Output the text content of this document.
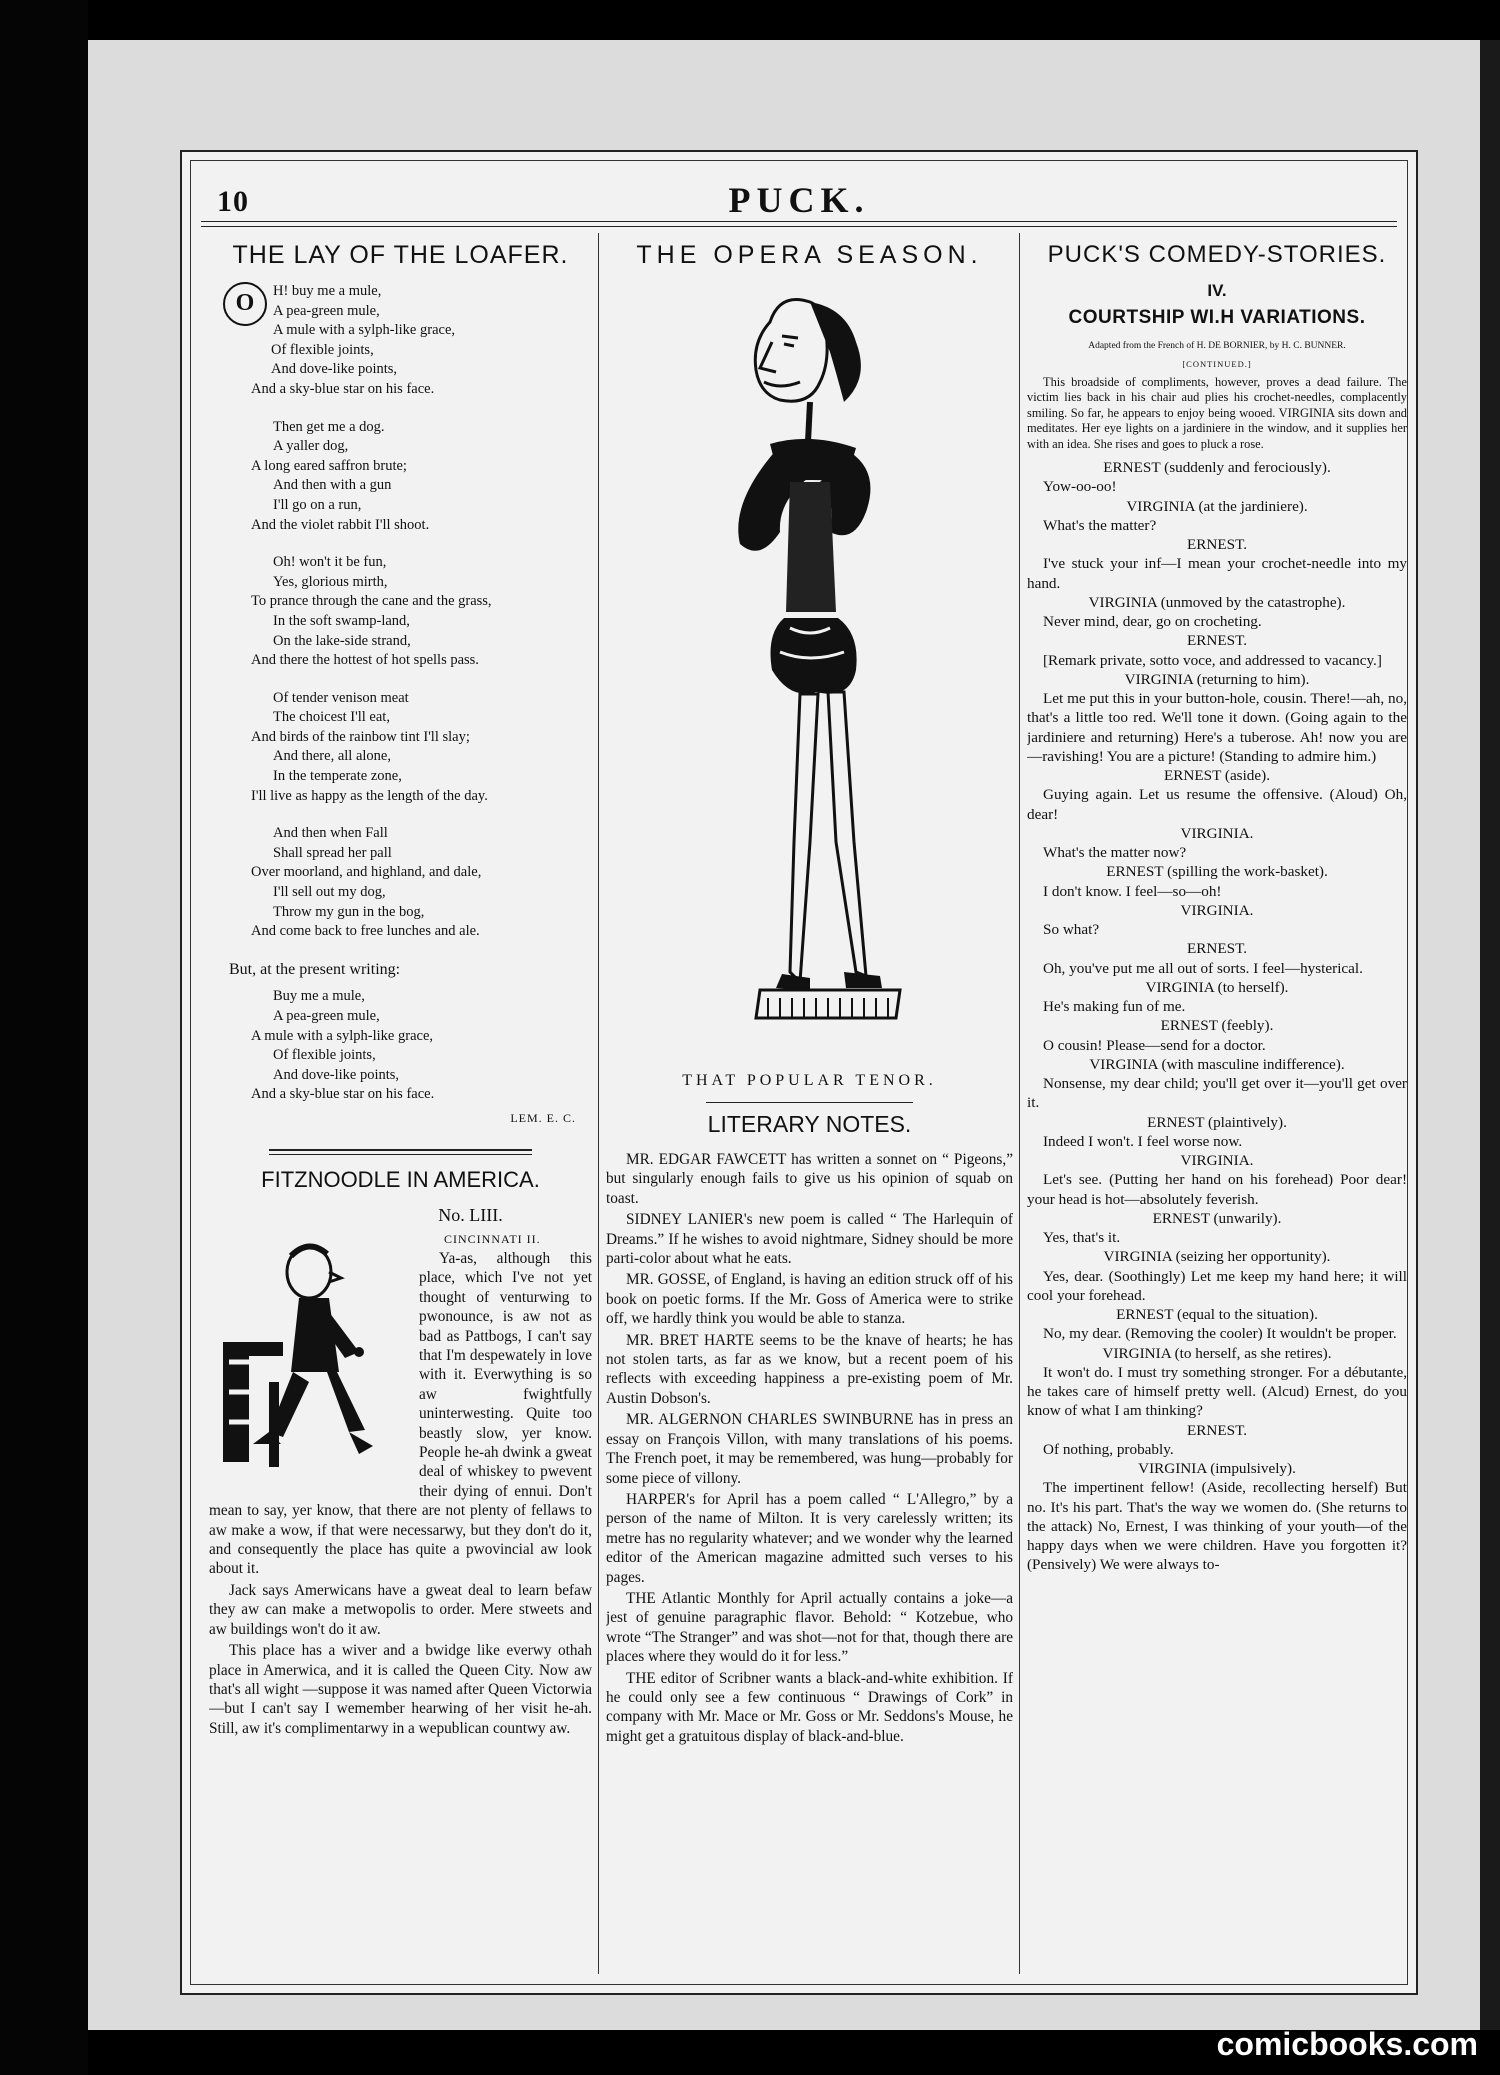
10	PUCK.
THE LAY OF THE LOAFER.
O	H! buy me a mule,
A pea-green mule,
A mule with a sylph-like grace,
Of flexible joints,
And dove-like points,
And a sky-blue star on his face.
Then get me a dog.
A yaller dog,
A long eared saffron brute;
And then with a gun
I'll go on a run,
And the violet rabbit I'll shoot.
Oh! won't it be fun,
Yes, glorious mirth,
To prance through the cane and the grass,
In the soft swamp-land,
On the lake-side strand,
And there the hottest of hot spells pass.
Of tender venison meat
The choicest I'll eat,
And birds of the rainbow tint I'll slay;
And there, all alone,
In the temperate zone,
I'll live as happy as the length of the day.
And then when Fall
Shall spread her pall
Over moorland, and highland, and dale,
I'll sell out my dog,
Throw my gun in the bog,
And come back to free lunches and ale.
But, at the present writing:
Buy me a mule,
A pea-green mule,
A mule with a sylph-like grace,
Of flexible joints,
And dove-like points,
And a sky-blue star on his face.
LEM. E. C.
FITZNOODLE IN AMERICA.
No. LIII.
CINCINNATI II.

Ya-as, although this place, which I've not yet thought of venturwing to pwonounce, is aw not as bad as Pattbogs, I can't say that I'm despewately in love with it. Everwything is so aw fwightfully uninterwesting. Quite too beastly slow, yer know. People he-ah dwink a gweat deal of whiskey to pwevent their dying of ennui. Don't mean to say, yer know, that there are not plenty of fellaws to aw make a wow, if that were necessarwy, but they don't do it, and consequently the place has quite a pwovincial aw look about it.

Jack says Amerwicans have a gweat deal to learn befaw they aw can make a metwopolis to order. Mere stweets and aw buildings won't do it aw.

This place has a wiver and a bwidge like everwy othah place in Amerwica, and it is called the Queen City. Now aw that's all wight —suppose it was named after Queen Victorwia —but I can't say I wemember hearwing of her visit he-ah. Still, aw it's complimentarwy in a wepublican countwy aw.

THE OPERA SEASON.
THAT POPULAR TENOR.
LITERARY NOTES.

MR. EDGAR FAWCETT has written a sonnet on “ Pigeons,” but singularly enough fails to give us his opinion of squab on toast.

SIDNEY LANIER's new poem is called “ The Harlequin of Dreams.” If he wishes to avoid nightmare, Sidney should be more parti-color about what he eats.

MR. GOSSE, of England, is having an edition struck off of his book on poetic forms. If the Mr. Goss of America were to strike off, we hardly think you would be able to stanza.

MR. BRET HARTE seems to be the knave of hearts; he has not stolen tarts, as far as we know, but a recent poem of his reflects with exceeding happiness a pre-existing poem of Mr. Austin Dobson's.

MR. ALGERNON CHARLES SWINBURNE has in press an essay on François Villon, with many translations of his poems. The French poet, it may be remembered, was hung—probably for some piece of villony.

HARPER's for April has a poem called “ L'Allegro,” by a person of the name of Milton. It is very carelessly written; its metre has no regularity whatever; and we wonder why the learned editor of the American magazine admitted such verses to his pages.

THE Atlantic Monthly for April actually contains a joke—a jest of genuine paragraphic flavor. Behold: “ Kotzebue, who wrote “The Stranger” and was shot—not for that, though there are places where they would do it for less.”

THE editor of Scribner wants a black-and-white exhibition. If he could only see a few continuous “ Drawings of Cork” in company with Mr. Mace or Mr. Goss or Mr. Seddons's Mouse, he might get a gratuitous display of black-and-blue.

PUCK'S COMEDY-STORIES.
IV.
COURTSHIP WI.H VARIATIONS.
Adapted from the French of H. DE BORNIER, by H. C. BUNNER.
[CONTINUED.]
This broadside of compliments, however, proves a dead failure. The victim lies back in his chair aud plies his crochet-needles, complacently smiling. So far, he appears to enjoy being wooed. VIRGINIA sits down and meditates. Her eye lights on a jardiniere in the window, and it supplies her with an idea. She rises and goes to pluck a rose.
ERNEST (suddenly and ferociously).
Yow-oo-oo!
VIRGINIA (at the jardiniere).
What's the matter?
ERNEST.
I've stuck your inf—I mean your crochet-needle into my hand.
VIRGINIA (unmoved by the catastrophe).
Never mind, dear, go on crocheting.
ERNEST.
[Remark private, sotto voce, and addressed to vacancy.]
VIRGINIA (returning to him).
Let me put this in your button-hole, cousin. There!—ah, no, that's a little too red. We'll tone it down. (Going again to the jardiniere and returning) Here's a tuberose. Ah! now you are —ravishing! You are a picture! (Standing to admire him.)
ERNEST (aside).
Guying again. Let us resume the offensive. (Aloud) Oh, dear!
VIRGINIA.
What's the matter now?
ERNEST (spilling the work-basket).
I don't know. I feel—so—oh!
VIRGINIA.
So what?
ERNEST.
Oh, you've put me all out of sorts. I feel—hysterical.
VIRGINIA (to herself).
He's making fun of me.
ERNEST (feebly).
O cousin! Please—send for a doctor.
VIRGINIA (with masculine indifference).
Nonsense, my dear child; you'll get over it—you'll get over it.
ERNEST (plaintively).
Indeed I won't. I feel worse now.
VIRGINIA.
Let's see. (Putting her hand on his forehead) Poor dear! your head is hot—absolutely feverish.
ERNEST (unwarily).
Yes, that's it.
VIRGINIA (seizing her opportunity).
Yes, dear. (Soothingly) Let me keep my hand here; it will cool your forehead.
ERNEST (equal to the situation).
No, my dear. (Removing the cooler) It wouldn't be proper.
VIRGINIA (to herself, as she retires).
It won't do. I must try something stronger. For a débutante, he takes care of himself pretty well. (Alcud) Ernest, do you know of what I am thinking?
ERNEST.
Of nothing, probably.
VIRGINIA (impulsively).
The impertinent fellow! (Aside, recollecting herself) But no. It's his part. That's the way we women do. (She returns to the attack) No, Ernest, I was thinking of your youth—of the happy days when we were children. Have you forgotten it? (Pensively) We were always to-
comicbooks.com
